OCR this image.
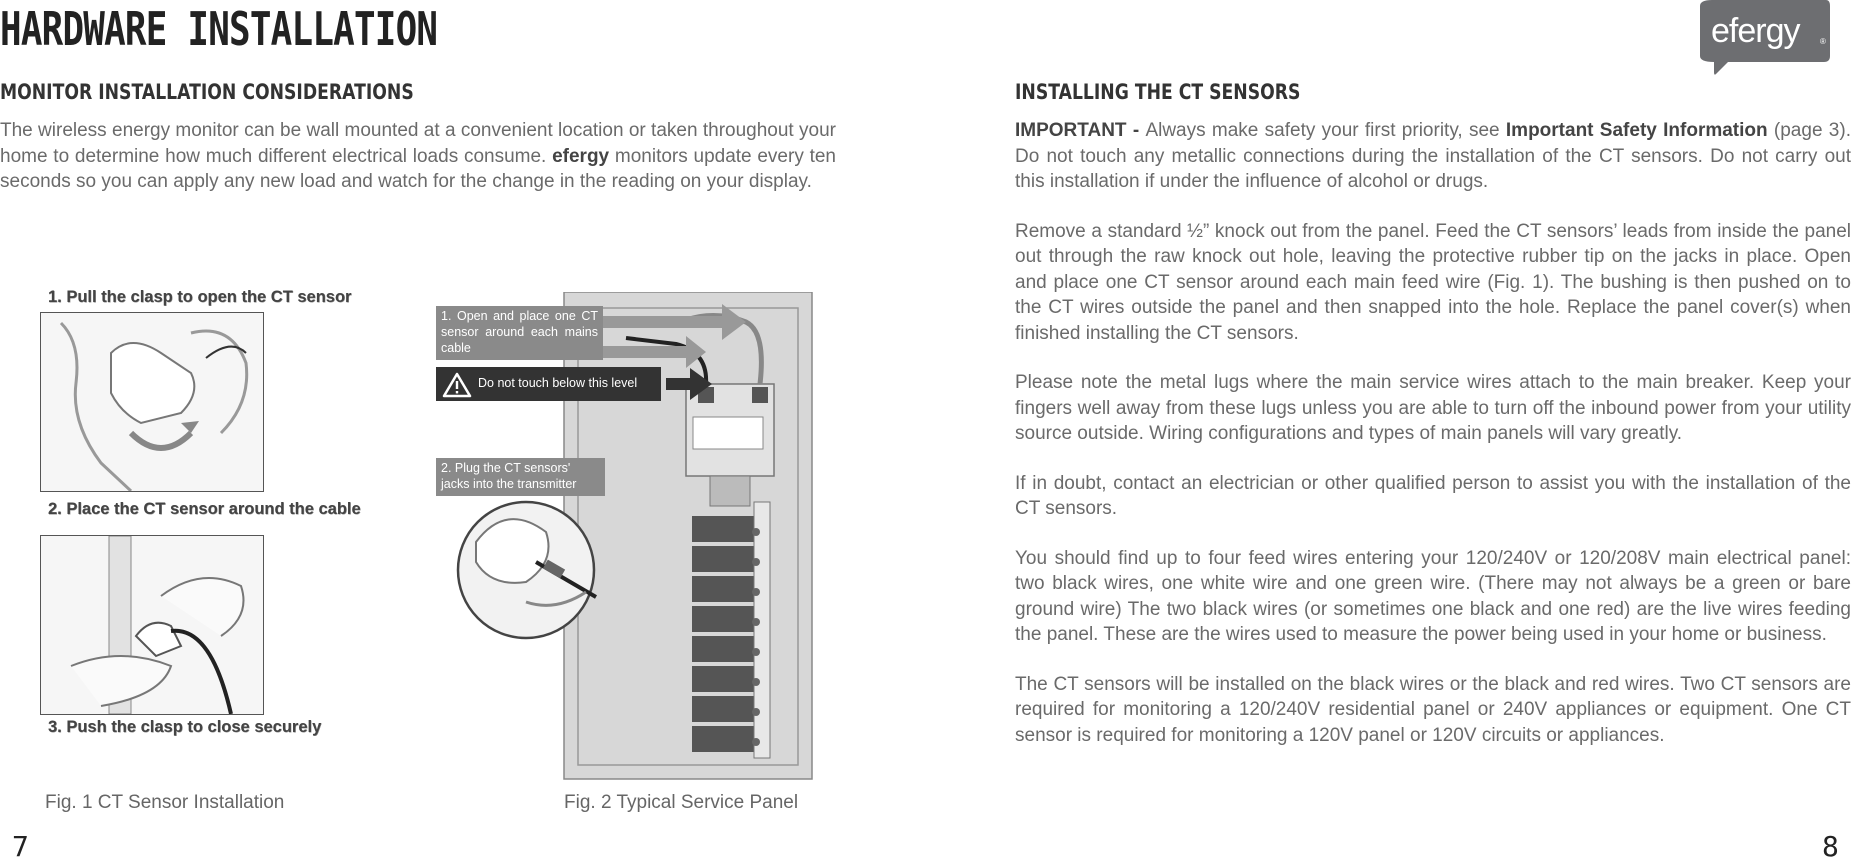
HARDWARE INSTALLATION	efergy	®
MONITOR INSTALLATION CONSIDERATIONS
The wireless energy monitor can be wall mounted at a convenient location or taken throughout your home to determine how much different electrical loads consume. efergy monitors update every ten seconds so you can apply any new load and watch for the change in the reading on your display.
1. Pull the clasp to open the CT sensor
2. Place the CT sensor around the cable
3. Push the clasp to close securely
Fig. 1 CT Sensor Installation
1. Open and place one CT sensor around each mains cable
Do not touch below this level
2. Plug the CT sensors' jacks into the transmitter
Fig. 2 Typical Service Panel
7
INSTALLING THE CT SENSORS
IMPORTANT - Always make safety your first priority, see Important Safety Information (page 3). Do not touch any metallic connections during the installation of the CT sensors. Do not carry out this installation if under the influence of alcohol or drugs.
Remove a standard ½” knock out from the panel. Feed the CT sensors’ leads from inside the panel out through the raw knock out hole, leaving the protective rubber tip on the jacks in place. Open and place one CT sensor around each main feed wire (Fig. 1). The bushing is then pushed on to the CT wires outside the panel and then snapped into the hole. Replace the panel cover(s) when finished installing the CT sensors.
Please note the metal lugs where the main service wires attach to the main breaker. Keep your fingers well away from these lugs unless you are able to turn off the inbound power from your utility source outside. Wiring configurations and types of main panels will vary greatly.
If in doubt, contact an electrician or other qualified person to assist you with the installation of the CT sensors.
You should find up to four feed wires entering your 120/240V or 120/208V main electrical panel: two black wires, one white wire and one green wire. (There may not always be a green or bare ground wire) The two black wires (or sometimes one black and one red) are the live wires feeding the panel. These are the wires used to measure the power being used in your home or business.
The CT sensors will be installed on the black wires or the black and red wires. Two CT sensors are required for monitoring a 120/240V residential panel or 240V appliances or equipment. One CT sensor is required for monitoring a 120V panel or 120V circuits or appliances.
8
